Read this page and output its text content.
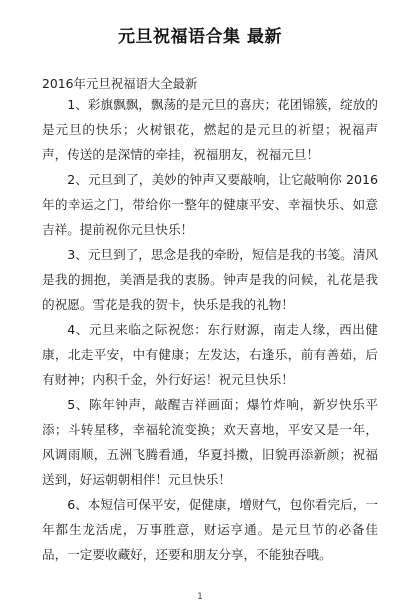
元旦祝福语合集 最新
2016年元旦祝福语大全最新

1、彩旗飘飘，飘荡的是元旦的喜庆；花团锦簇，绽放的是元旦的快乐；火树银花，燃起的是元旦的祈望；祝福声声，传送的是深情的牵挂，祝福朋友，祝福元旦！

2、元旦到了，美妙的钟声又要敲响，让它敲响你 2016 年的幸运之门，带给你一整年的健康平安、幸福快乐、如意吉祥。提前祝你元旦快乐！

3、元旦到了，思念是我的牵盼，短信是我的书笺。清风是我的拥抱，美酒是我的衷肠。钟声是我的问候，礼花是我的祝愿。雪花是我的贺卡，快乐是我的礼物！

4、元旦来临之际祝您：东行财源，南走人缘，西出健康，北走平安，中有健康；左发达，右逢乐，前有善茹，后有财神；内积千金，外行好运！祝元旦快乐！

5、陈年钟声，敲醒吉祥画面；爆竹炸响，新岁快乐平添；斗转星移，幸福轮流变换；欢天喜地，平安又是一年，风调雨顺，五洲飞腾看通，华夏抖擞，旧貌再添新颜；祝福送到，好运朝朝相伴！元旦快乐！

6、本短信可保平安，促健康，增财气，包你看完后，一年都生龙活虎，万事胜意，财运亨通。是元旦节的必备佳品，一定要收藏好，还要和朋友分享，不能独吞哦。

1
